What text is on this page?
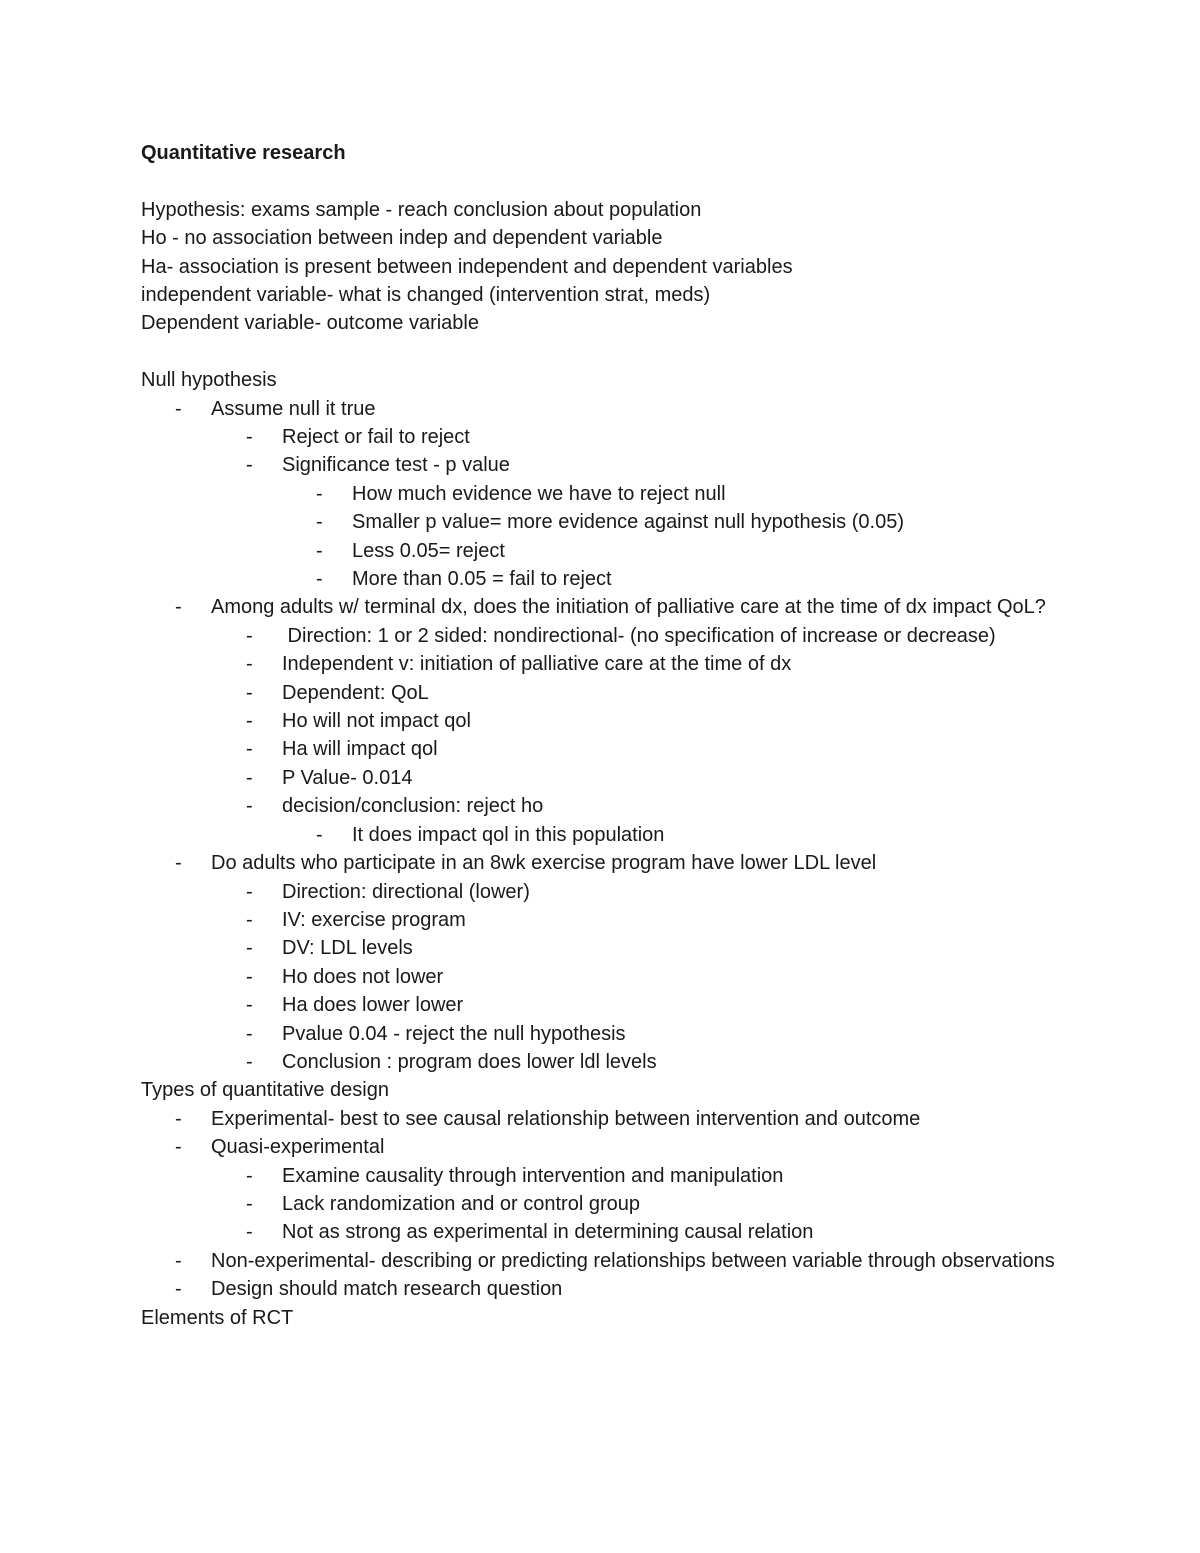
Quantitative research

Hypothesis: exams sample - reach conclusion about population

Ho - no association between indep and dependent variable

Ha- association is present between independent and dependent variables

independent variable- what is changed (intervention strat, meds)

Dependent variable- outcome variable

Null hypothesis

- Assume null it true
- Reject or fail to reject
- Significance test - p value
- How much evidence we have to reject null
- Smaller p value= more evidence against null hypothesis (0.05)
- Less 0.05= reject
- More than 0.05 = fail to reject
- Among adults w/ terminal dx, does the initiation of palliative care at the time of dx impact QoL?
- Direction: 1 or 2 sided: nondirectional- (no specification of increase or decrease)
- Independent v: initiation of palliative care at the time of dx
- Dependent: QoL
- Ho will not impact qol
- Ha will impact qol
- P Value- 0.014
- decision/conclusion: reject ho
- It does impact qol in this population
- Do adults who participate in an 8wk exercise program have lower LDL level
- Direction: directional (lower)
- IV: exercise program
- DV: LDL levels
- Ho does not lower
- Ha does lower lower
- Pvalue 0.04 - reject the null hypothesis
- Conclusion : program does lower ldl levels

Types of quantitative design

- Experimental- best to see causal relationship between intervention and outcome
- Quasi-experimental
- Examine causality through intervention and manipulation
- Lack randomization and or control group
- Not as strong as experimental in determining causal relation
- Non-experimental- describing or predicting relationships between variable through observations
- Design should match research question

Elements of RCT
